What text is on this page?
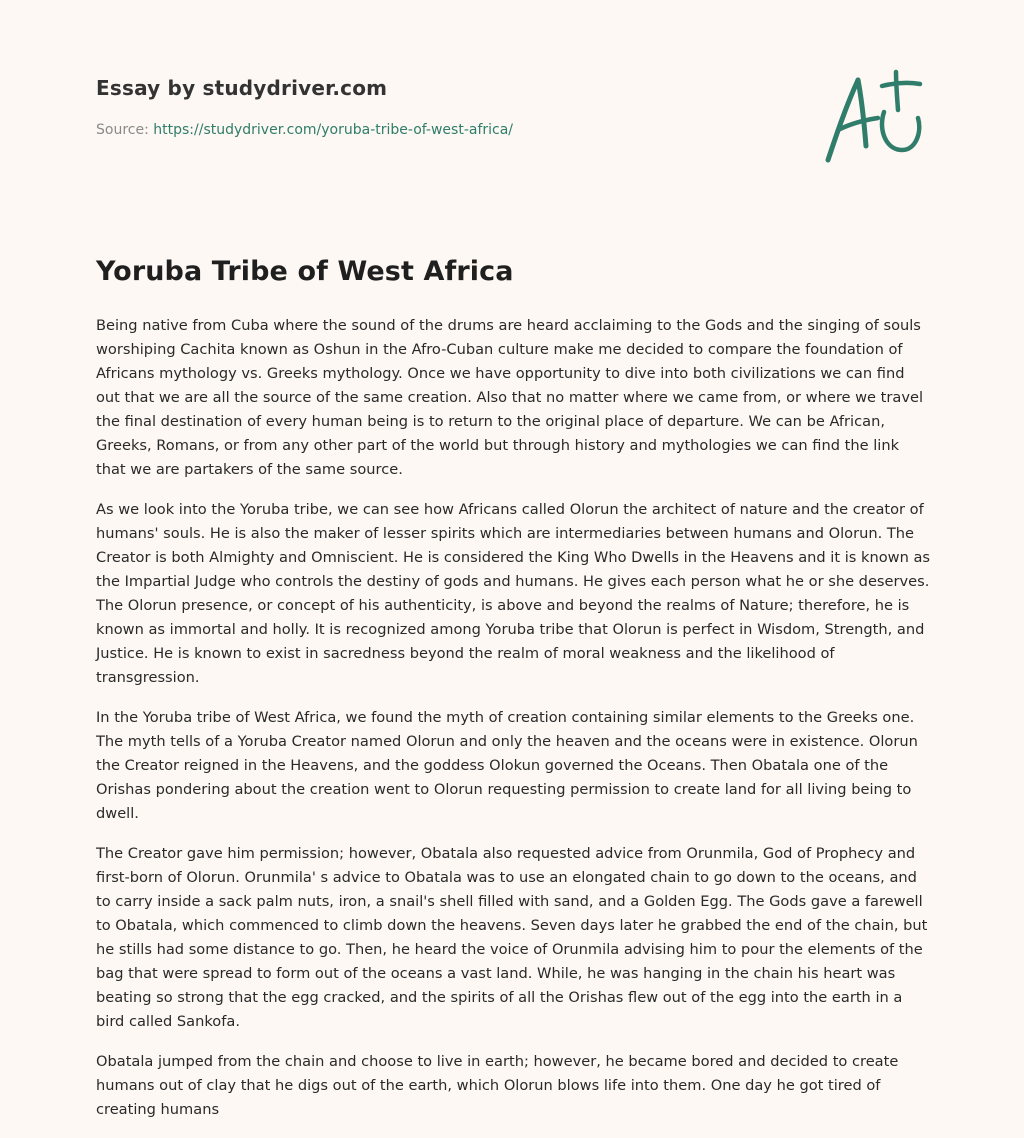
Essay by studydriver.com
Source: https://studydriver.com/yoruba-tribe-of-west-africa/
Yoruba Tribe of West Africa

Being native from Cuba where the sound of the drums are heard acclaiming to the Gods and the singing of souls worshiping Cachita known as Oshun in the Afro-Cuban culture make me decided to compare the foundation of Africans mythology vs. Greeks mythology. Once we have opportunity to dive into both civilizations we can find out that we are all the source of the same creation. Also that no matter where we came from, or where we travel the final destination of every human being is to return to the original place of departure. We can be African, Greeks, Romans, or from any other part of the world but through history and mythologies we can find the link that we are partakers of the same source.

As we look into the Yoruba tribe, we can see how Africans called Olorun the architect of nature and the creator of humans' souls. He is also the maker of lesser spirits which are intermediaries between humans and Olorun. The Creator is both Almighty and Omniscient. He is considered the King Who Dwells in the Heavens and it is known as the Impartial Judge who controls the destiny of gods and humans. He gives each person what he or she deserves. The Olorun presence, or concept of his authenticity, is above and beyond the realms of Nature; therefore, he is known as immortal and holly. It is recognized among Yoruba tribe that Olorun is perfect in Wisdom, Strength, and Justice. He is known to exist in sacredness beyond the realm of moral weakness and the likelihood of transgression.

In the Yoruba tribe of West Africa, we found the myth of creation containing similar elements to the Greeks one. The myth tells of a Yoruba Creator named Olorun and only the heaven and the oceans were in existence. Olorun the Creator reigned in the Heavens, and the goddess Olokun governed the Oceans. Then Obatala one of the Orishas pondering about the creation went to Olorun requesting permission to create land for all living being to dwell.

The Creator gave him permission; however, Obatala also requested advice from Orunmila, God of Prophecy and first-born of Olorun. Orunmila' s advice to Obatala was to use an elongated chain to go down to the oceans, and to carry inside a sack palm nuts, iron, a snail's shell filled with sand, and a Golden Egg. The Gods gave a farewell to Obatala, which commenced to climb down the heavens. Seven days later he grabbed the end of the chain, but he stills had some distance to go. Then, he heard the voice of Orunmila advising him to pour the elements of the bag that were spread to form out of the oceans a vast land. While, he was hanging in the chain his heart was beating so strong that the egg cracked, and the spirits of all the Orishas flew out of the egg into the earth in a bird called Sankofa.

Obatala jumped from the chain and choose to live in earth; however, he became bored and decided to create humans out of clay that he digs out of the earth, which Olorun blows life into them. One day he got tired of creating humans
